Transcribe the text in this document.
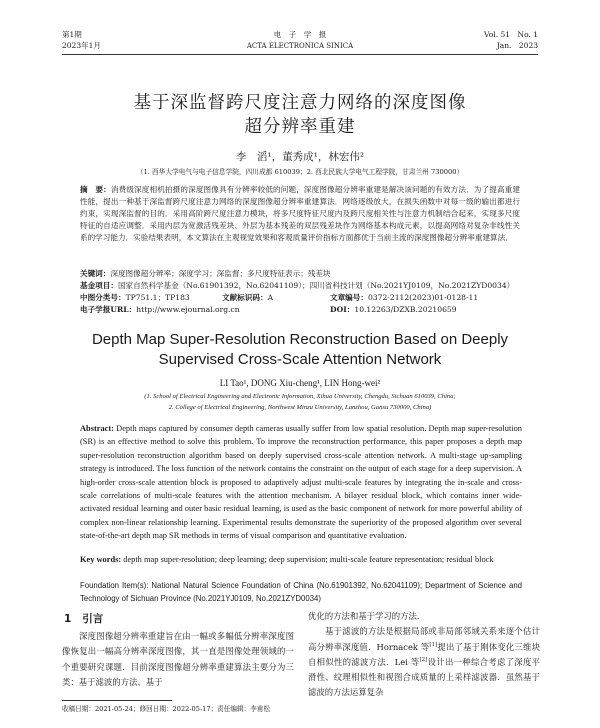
第1期
2023年1月
电　子　学　报
ACTA ELECTRONICA SINICA
Vol. 51　No. 1
Jan.　2023
基于深监督跨尺度注意力网络的深度图像
超分辨率重建
李　滔¹，董秀成¹，林宏伟²
（1. 西华大学电气与电子信息学院，四川成都 610039；2. 西北民族大学电气工程学院，甘肃兰州 730000）
摘　要：消费级深度相机拍摄的深度图像具有分辨率较低的问题，深度图像超分辨率重建是解决该问题的有效方法．为了提高重建性能，提出一种基于深监督跨尺度注意力网络的深度图像超分辨率重建算法．网络逐级放大，在损失函数中对每一级的输出都进行约束，实现深监督的目的．采用高阶跨尺度注意力模块，将多尺度特征尺度内及跨尺度相关性与注意力机制结合起来，实现多尺度特征的自适应调整．采用内层为宽激活残差块、外层为基本残差的双层残差块作为网络基本构成元素，以提高网络对复杂非线性关系的学习能力．实验结果表明，本文算法在主观视觉效果和客观质量评价指标方面都优于当前主流的深度图像超分辨率重建算法．
关键词：深度图像超分辨率；深度学习；深监督；多尺度特征表示；残差块
基金项目：国家自然科学基金（No.61901392，No.62041109）；四川省科技计划（No.2021YJ0109，No.2021ZYD0034）
中图分类号：TP751.1；TP183	文献标识码：A	文章编号：0372-2112(2023)01-0128-11
电子学报URL：http://www.ejournal.org.cn	DOI：10.12263/DZXB.20210659
Depth Map Super-Resolution Reconstruction Based on Deeply
Supervised Cross-Scale Attention Network
LI Tao¹, DONG Xiu-cheng¹, LIN Hong-wei²
(1. School of Electrical Engineering and Electronic Information, Xihua University, Chengdu, Sichuan 610039, China;
2. College of Electrical Engineering, Northwest Minzu University, Lanzhou, Gansu 730000, China)
Abstract: Depth maps captured by consumer depth cameras usually suffer from low spatial resolution. Depth map super-resolution (SR) is an effective method to solve this problem. To improve the reconstruction performance, this paper proposes a depth map super-resolution reconstruction algorithm based on deeply supervised cross-scale attention network. A multi-stage up-sampling strategy is introduced. The loss function of the network contains the constraint on the output of each stage for a deep supervision. A high-order cross-scale attention block is proposed to adaptively adjust multi-scale features by integrating the in-scale and cross-scale correlations of multi-scale features with the attention mechanism. A bilayer residual block, which contains inner wide-activated residual learning and outer basic residual learning, is used as the basic component of network for more powerful ability of complex non-linear relationship learning. Experimental results demonstrate the superiority of the proposed algorithm over several state-of-the-art depth map SR methods in terms of visual comparison and quantitative evaluation.
Key words: depth map super-resolution; deep learning; deep supervision; multi-scale feature representation; residual block
Foundation Item(s): National Natural Science Foundation of China (No.61901392, No.62041109); Department of Science and Technology of Sichuan Province (No.2021YJ0109, No.2021ZYD0034)
1 引言
深度图像超分辨率重建旨在由一幅或多幅低分辨率深度图像恢复出一幅高分辨率深度图像，其一直是图像处理领域的一个重要研究课题．目前深度图像超分辨率重建算法主要分为三类：基于滤波的方法、基于
优化的方法和基于学习的方法．
基于滤波的方法是根据局部或非局部邻域关系来逐个估计高分辨率深度值．Hornacek 等[1]提出了基于刚体变化三维块自相似性的滤波方法．Lei 等[2]设计出一种综合考虑了深度平滑性、纹理相似性和视图合成质量的上采样滤波器．虽然基于滤波的方法运算复杂
收稿日期：2021-05-24；修回日期：2022-05-17；责任编辑：李甫松
